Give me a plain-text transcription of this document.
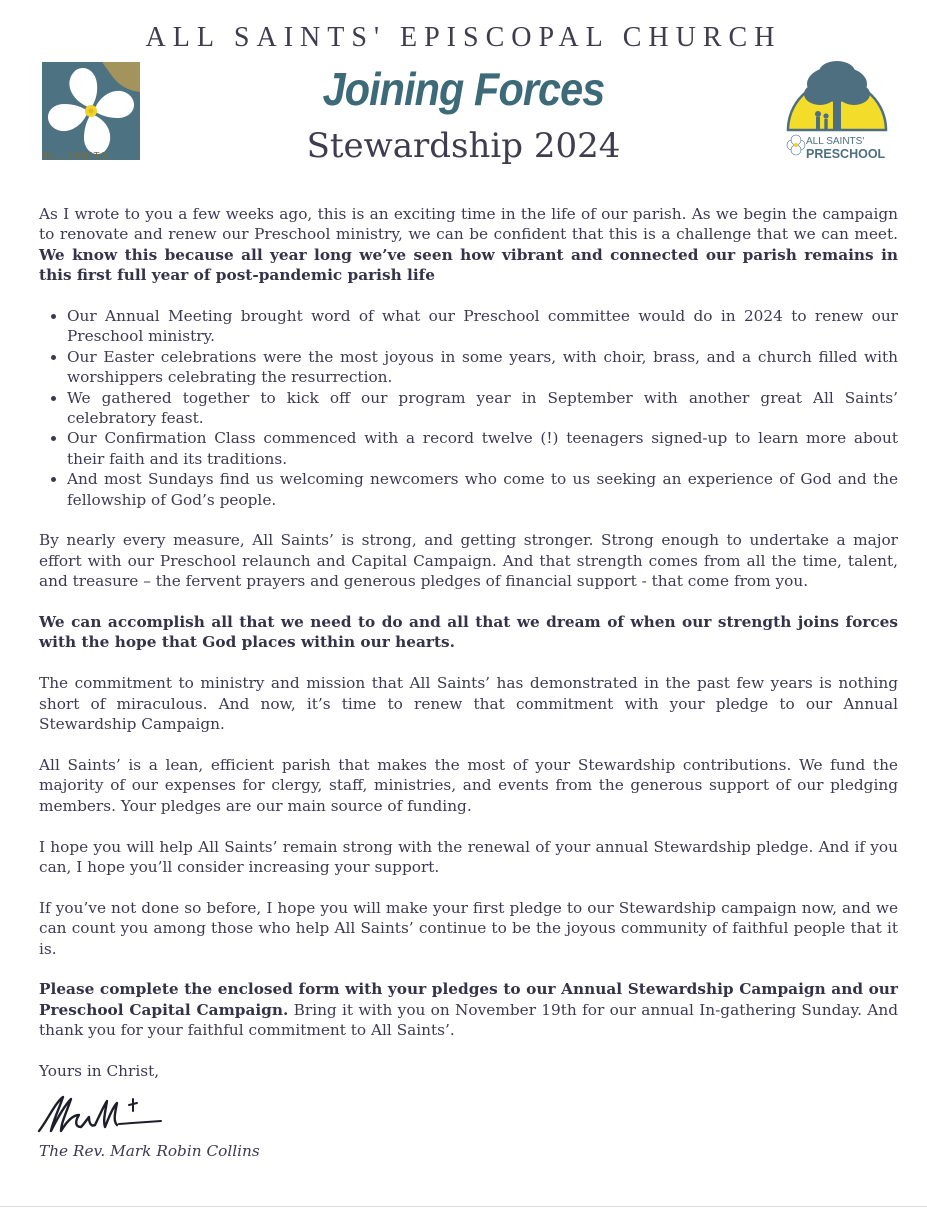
ALL SAINTS' EPISCOPAL CHURCH
Joining Forces
Stewardship 2024
ALL SAINTS'
ALL SAINTS'
PRESCHOOL

As I wrote to you a few weeks ago, this is an exciting time in the life of our parish. As we begin the campaign to renovate and renew our Preschool ministry, we can be confident that this is a challenge that we can meet. We know this because all year long we’ve seen how vibrant and connected our parish remains in this first full year of post-pandemic parish life

• Our Annual Meeting brought word of what our Preschool committee would do in 2024 to renew our Preschool ministry.
• Our Easter celebrations were the most joyous in some years, with choir, brass, and a church filled with worshippers celebrating the resurrection.
• We gathered together to kick off our program year in September with another great All Saints’ celebratory feast.
• Our Confirmation Class commenced with a record twelve (!) teenagers signed-up to learn more about their faith and its traditions.
• And most Sundays find us welcoming newcomers who come to us seeking an experience of God and the fellowship of God’s people.

By nearly every measure, All Saints’ is strong, and getting stronger. Strong enough to undertake a major effort with our Preschool relaunch and Capital Campaign. And that strength comes from all the time, talent, and treasure – the fervent prayers and generous pledges of financial support - that come from you.

We can accomplish all that we need to do and all that we dream of when our strength joins forces with the hope that God places within our hearts.

The commitment to ministry and mission that All Saints’ has demonstrated in the past few years is nothing short of miraculous. And now, it’s time to renew that commitment with your pledge to our Annual Stewardship Campaign.

All Saints’ is a lean, efficient parish that makes the most of your Stewardship contributions. We fund the majority of our expenses for clergy, staff, ministries, and events from the generous support of our pledging members. Your pledges are our main source of funding.

I hope you will help All Saints’ remain strong with the renewal of your annual Stewardship pledge. And if you can, I hope you’ll consider increasing your support.

If you’ve not done so before, I hope you will make your first pledge to our Stewardship campaign now, and we can count you among those who help All Saints’ continue to be the joyous community of faithful people that it is.

Please complete the enclosed form with your pledges to our Annual Stewardship Campaign and our Preschool Capital Campaign. Bring it with you on November 19th for our annual In-gathering Sunday. And thank you for your faithful commitment to All Saints’.

Yours in Christ,
The Rev. Mark Robin Collins
